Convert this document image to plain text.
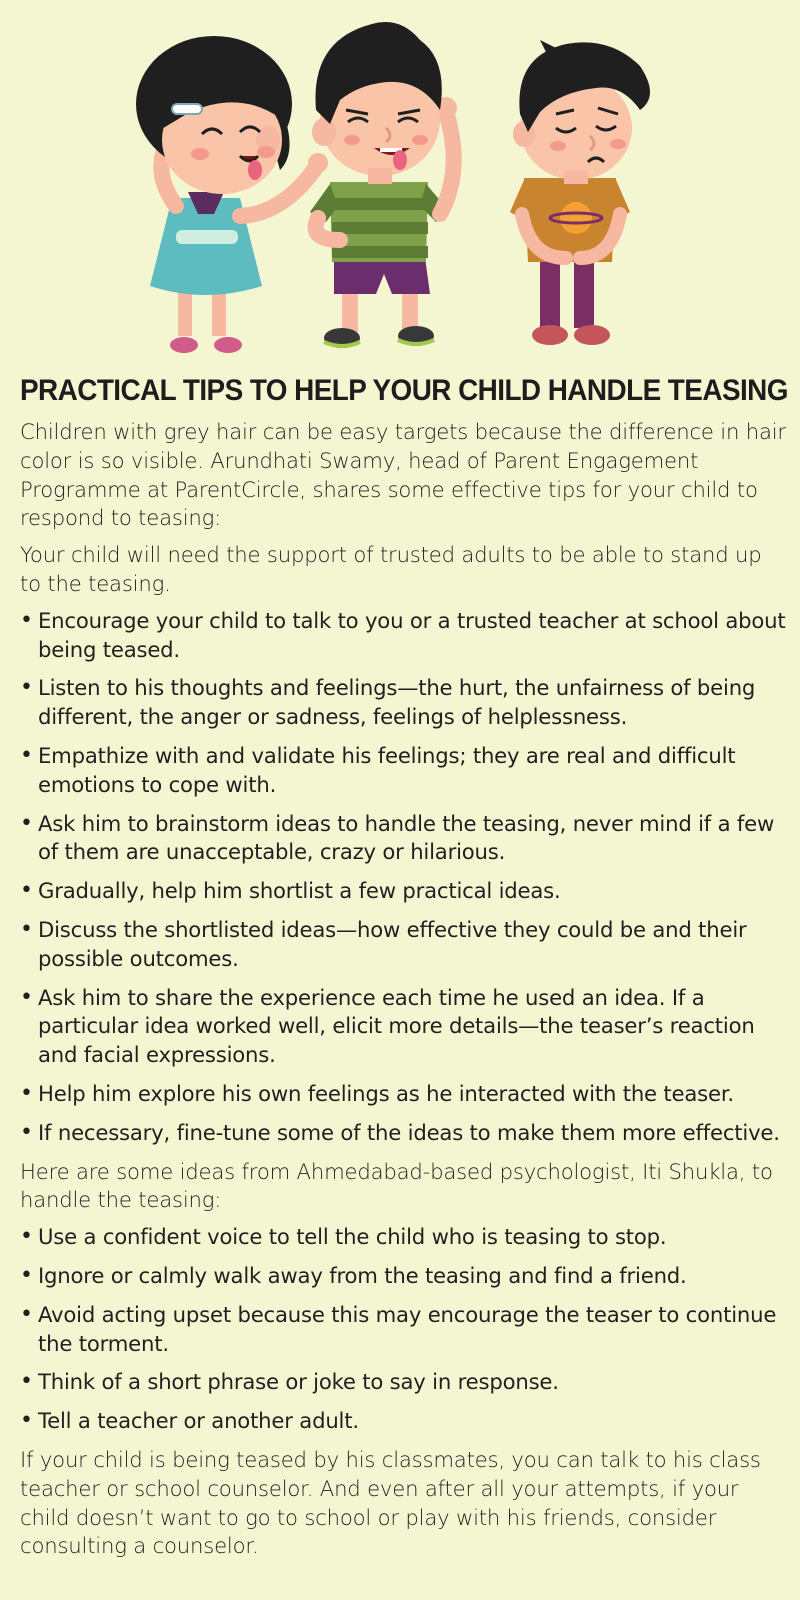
PRACTICAL TIPS TO HELP YOUR CHILD HANDLE TEASING

Children with grey hair can be easy targets because the difference in hair color is so visible. Arundhati Swamy, head of Parent Engagement Programme at ParentCircle, shares some effective tips for your child to respond to teasing:

Your child will need the support of trusted adults to be able to stand up to the teasing.

• Encourage your child to talk to you or a trusted teacher at school about being teased.
• Listen to his thoughts and feelings—the hurt, the unfairness of being different, the anger or sadness, feelings of helplessness.
• Empathize with and validate his feelings; they are real and difficult emotions to cope with.
• Ask him to brainstorm ideas to handle the teasing, never mind if a few of them are unacceptable, crazy or hilarious.
• Gradually, help him shortlist a few practical ideas.
• Discuss the shortlisted ideas—how effective they could be and their possible outcomes.
• Ask him to share the experience each time he used an idea. If a particular idea worked well, elicit more details—the teaser’s reaction and facial expressions.
• Help him explore his own feelings as he interacted with the teaser.
• If necessary, fine-tune some of the ideas to make them more effective.

Here are some ideas from Ahmedabad-based psychologist, Iti Shukla, to handle the teasing:

• Use a confident voice to tell the child who is teasing to stop.
• Ignore or calmly walk away from the teasing and find a friend.
• Avoid acting upset because this may encourage the teaser to continue the torment.
• Think of a short phrase or joke to say in response.
• Tell a teacher or another adult.

If your child is being teased by his classmates, you can talk to his class teacher or school counselor. And even after all your attempts, if your child doesn’t want to go to school or play with his friends, consider consulting a counselor.
